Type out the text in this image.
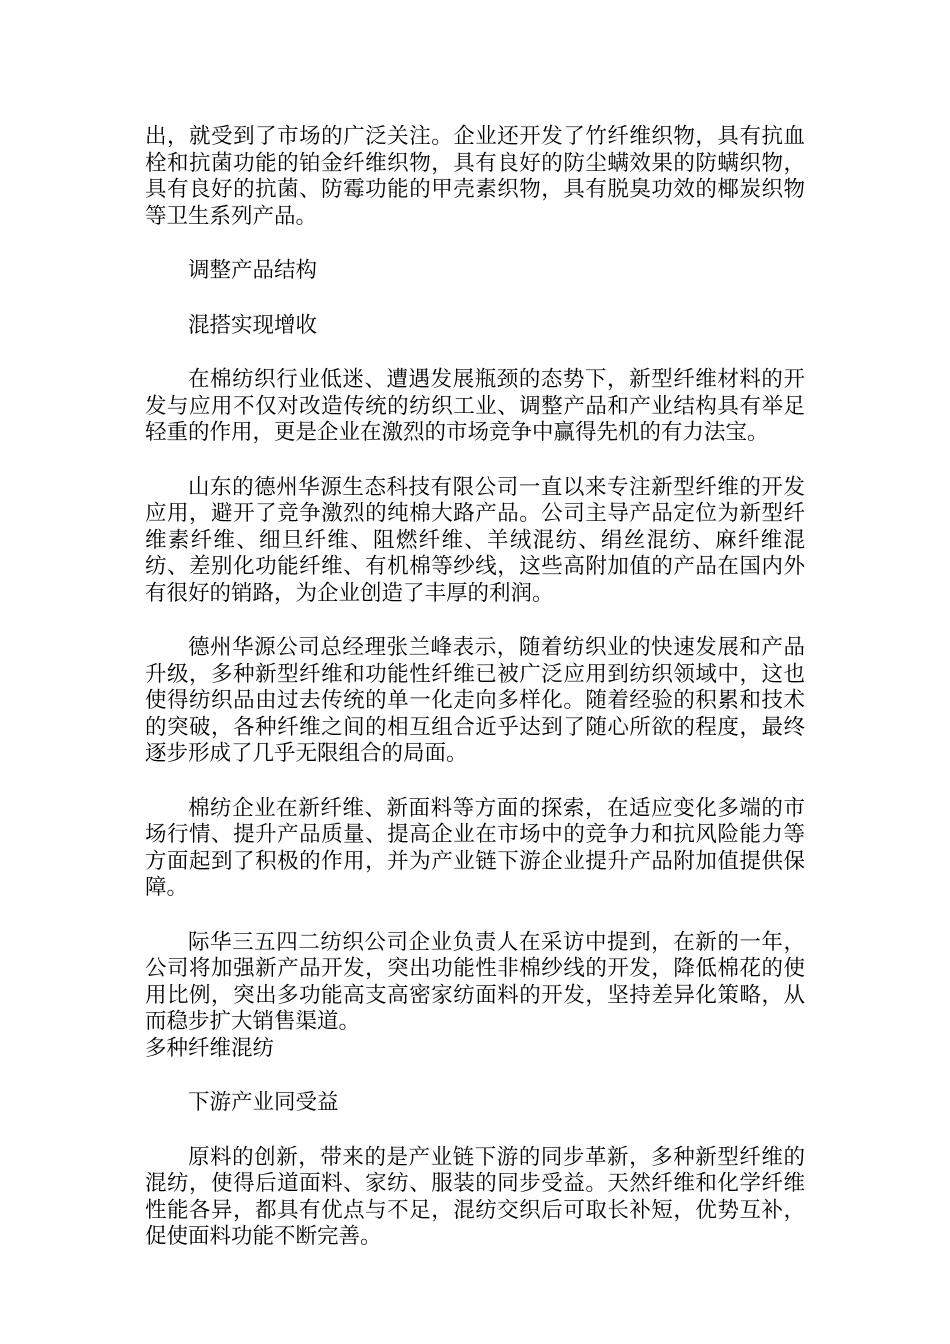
出，就受到了市场的广泛关注。企业还开发了竹纤维织物，具有抗血栓和抗菌功能的铂金纤维织物，具有良好的防尘螨效果的防螨织物，具有良好的抗菌、防霉功能的甲壳素织物，具有脱臭功效的椰炭织物等卫生系列产品。

调整产品结构

混搭实现增收

在棉纺织行业低迷、遭遇发展瓶颈的态势下，新型纤维材料的开发与应用不仅对改造传统的纺织工业、调整产品和产业结构具有举足轻重的作用，更是企业在激烈的市场竞争中赢得先机的有力法宝。

山东的德州华源生态科技有限公司一直以来专注新型纤维的开发应用，避开了竞争激烈的纯棉大路产品。公司主导产品定位为新型纤维素纤维、细旦纤维、阻燃纤维、羊绒混纺、绢丝混纺、麻纤维混纺、差别化功能纤维、有机棉等纱线，这些高附加值的产品在国内外有很好的销路，为企业创造了丰厚的利润。

德州华源公司总经理张兰峰表示，随着纺织业的快速发展和产品升级，多种新型纤维和功能性纤维已被广泛应用到纺织领域中，这也使得纺织品由过去传统的单一化走向多样化。随着经验的积累和技术的突破，各种纤维之间的相互组合近乎达到了随心所欲的程度，最终逐步形成了几乎无限组合的局面。

棉纺企业在新纤维、新面料等方面的探索，在适应变化多端的市场行情、提升产品质量、提高企业在市场中的竞争力和抗风险能力等方面起到了积极的作用，并为产业链下游企业提升产品附加值提供保障。

际华三五四二纺织公司企业负责人在采访中提到，在新的一年，公司将加强新产品开发，突出功能性非棉纱线的开发，降低棉花的使用比例，突出多功能高支高密家纺面料的开发，坚持差异化策略，从而稳步扩大销售渠道。

多种纤维混纺

下游产业同受益

原料的创新，带来的是产业链下游的同步革新，多种新型纤维的混纺，使得后道面料、家纺、服装的同步受益。天然纤维和化学纤维性能各异，都具有优点与不足，混纺交织后可取长补短，优势互补，促使面料功能不断完善。
